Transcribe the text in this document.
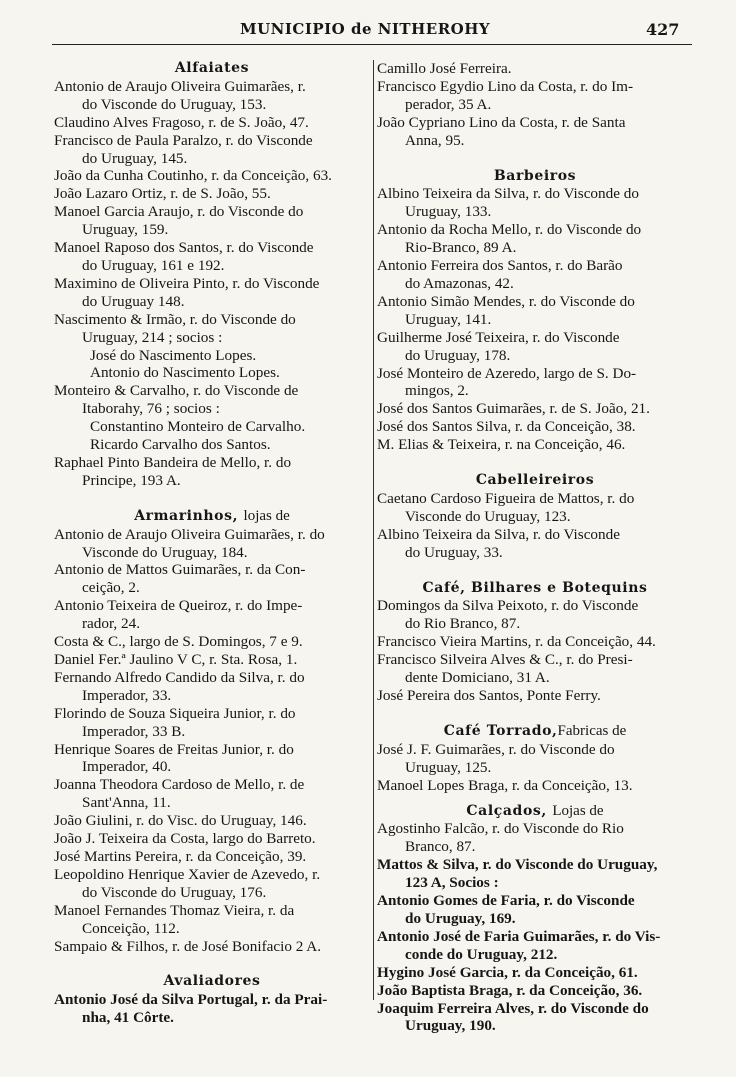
MUNICIPIO de NITHEROHY	427
Alfaiates
Antonio de Araujo Oliveira Guimarães, r.
do Visconde do Uruguay, 153.
Claudino Alves Fragoso, r. de S. João, 47.
Francisco de Paula Paralzo, r. do Visconde
do Uruguay, 145.
João da Cunha Coutinho, r. da Conceição, 63.
João Lazaro Ortiz, r. de S. João, 55.
Manoel Garcia Araujo, r. do Visconde do
Uruguay, 159.
Manoel Raposo dos Santos, r. do Visconde
do Uruguay, 161 e 192.
Maximino de Oliveira Pinto, r. do Visconde
do Uruguay 148.
Nascimento & Irmão, r. do Visconde do
Uruguay, 214 ; socios :
José do Nascimento Lopes.
Antonio do Nascimento Lopes.
Monteiro & Carvalho, r. do Visconde de
Itaborahy, 76 ; socios :
Constantino Monteiro de Carvalho.
Ricardo Carvalho dos Santos.
Raphael Pinto Bandeira de Mello, r. do
Principe, 193 A.
Armarinhos, lojas de
Antonio de Araujo Oliveira Guimarães, r. do
Visconde do Uruguay, 184.
Antonio de Mattos Guimarães, r. da Con-
ceição, 2.
Antonio Teixeira de Queiroz, r. do Impe-
rador, 24.
Costa & C., largo de S. Domingos, 7 e 9.
Daniel Fer.ª Jaulino V C, r. Sta. Rosa, 1.
Fernando Alfredo Candido da Silva, r. do
Imperador, 33.
Florindo de Souza Siqueira Junior, r. do
Imperador, 33 B.
Henrique Soares de Freitas Junior, r. do
Imperador, 40.
Joanna Theodora Cardoso de Mello, r. de
Sant'Anna, 11.
João Giulini, r. do Visc. do Uruguay, 146.
João J. Teixeira da Costa, largo do Barreto.
José Martins Pereira, r. da Conceição, 39.
Leopoldino Henrique Xavier de Azevedo, r.
do Visconde do Uruguay, 176.
Manoel Fernandes Thomaz Vieira, r. da
Conceição, 112.
Sampaio & Filhos, r. de José Bonifacio 2 A.
Avaliadores
Antonio José da Silva Portugal, r. da Prai-
nha, 41 Côrte.
Camillo José Ferreira.
Francisco Egydio Lino da Costa, r. do Im-
perador, 35 A.
João Cypriano Lino da Costa, r. de Santa
Anna, 95.
Barbeiros
Albino Teixeira da Silva, r. do Visconde do
Uruguay, 133.
Antonio da Rocha Mello, r. do Visconde do
Rio-Branco, 89 A.
Antonio Ferreira dos Santos, r. do Barão
do Amazonas, 42.
Antonio Simão Mendes, r. do Visconde do
Uruguay, 141.
Guilherme José Teixeira, r. do Visconde
do Uruguay, 178.
José Monteiro de Azeredo, largo de S. Do-
mingos, 2.
José dos Santos Guimarães, r. de S. João, 21.
José dos Santos Silva, r. da Conceição, 38.
M. Elias & Teixeira, r. na Conceição, 46.
Cabelleireiros
Caetano Cardoso Figueira de Mattos, r. do
Visconde do Uruguay, 123.
Albino Teixeira da Silva, r. do Visconde
do Uruguay, 33.
Café, Bilhares e Botequins
Domingos da Silva Peixoto, r. do Visconde
do Rio Branco, 87.
Francisco Vieira Martins, r. da Conceição, 44.
Francisco Silveira Alves & C., r. do Presi-
dente Domiciano, 31 A.
José Pereira dos Santos, Ponte Ferry.
Café Torrado,Fabricas de
José J. F. Guimarães, r. do Visconde do
Uruguay, 125.
Manoel Lopes Braga, r. da Conceição, 13.
Calçados, Lojas de
Agostinho Falcão, r. do Visconde do Rio
Branco, 87.
Mattos & Silva, r. do Visconde do Uruguay,
123 A, Socios :
Antonio Gomes de Faria, r. do Visconde
do Uruguay, 169.
Antonio José de Faria Guimarães, r. do Vis-
conde do Uruguay, 212.
Hygino José Garcia, r. da Conceição, 61.
João Baptista Braga, r. da Conceição, 36.
Joaquim Ferreira Alves, r. do Visconde do
Uruguay, 190.
